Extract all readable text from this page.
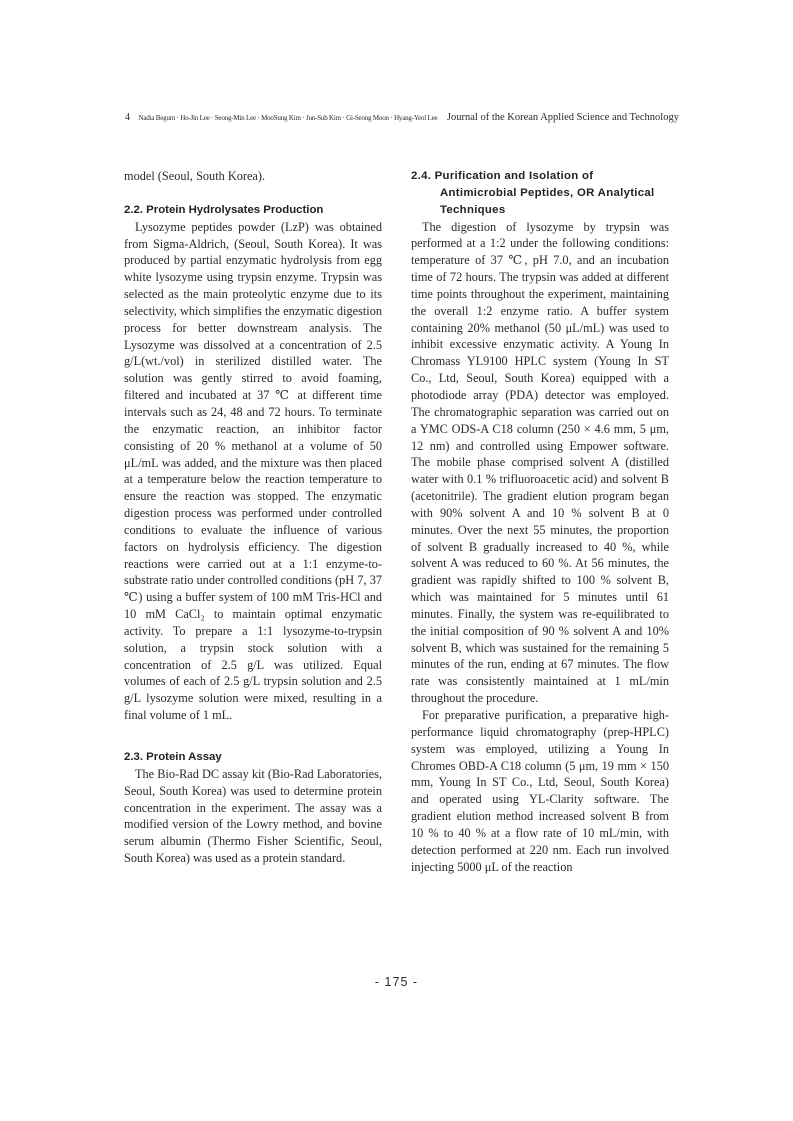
4 Nadia Begum · Ho-Jin Lee · Seong-Min Lee · MooSung Kim · Jun-Sub Kim · Gi-Seong Moon · Hyang-Yeol Lee Journal of the Korean Applied Science and Technology

model (Seoul, South Korea).

2.2. Protein Hydrolysates Production

Lysozyme peptides powder (LzP) was obtained from Sigma-Aldrich, (Seoul, South Korea). It was produced by partial enzymatic hydrolysis from egg white lysozyme using trypsin enzyme. Trypsin was selected as the main proteolytic enzyme due to its selectivity, which simplifies the enzymatic digestion process for better downstream analysis. The Lysozyme was dissolved at a concentration of 2.5 g/L(wt./vol) in sterilized distilled water. The solution was gently stirred to avoid foaming, filtered and incubated at 37 ℃ at different time intervals such as 24, 48 and 72 hours. To terminate the enzymatic reaction, an inhibitor factor consisting of 20 % methanol at a volume of 50 μL/mL was added, and the mixture was then placed at a temperature below the reaction temperature to ensure the reaction was stopped. The enzymatic digestion process was performed under controlled conditions to evaluate the influence of various factors on hydrolysis efficiency. The digestion reactions were carried out at a 1:1 enzyme-to-substrate ratio under controlled conditions (pH 7, 37 ℃) using a buffer system of 100 mM Tris-HCl and 10 mM CaCl₂ to maintain optimal enzymatic activity. To prepare a 1:1 lysozyme-to-trypsin solution, a trypsin stock solution with a concentration of 2.5 g/L was utilized. Equal volumes of each of 2.5 g/L trypsin solution and 2.5 g/L lysozyme solution were mixed, resulting in a final volume of 1 mL.

2.3. Protein Assay

The Bio-Rad DC assay kit (Bio-Rad Laboratories, Seoul, South Korea) was used to determine protein concentration in the experiment. The assay was a modified version of the Lowry method, and bovine serum albumin (Thermo Fisher Scientific, Seoul, South Korea) was used as a protein standard.

2.4. Purification and Isolation of Antimicrobial Peptides, OR Analytical Techniques

The digestion of lysozyme by trypsin was performed at a 1:2 under the following conditions: temperature of 37 ℃, pH 7.0, and an incubation time of 72 hours. The trypsin was added at different time points throughout the experiment, maintaining the overall 1:2 enzyme ratio. A buffer system containing 20% methanol (50 μL/mL) was used to inhibit excessive enzymatic activity. A Young In Chromass YL9100 HPLC system (Young In ST Co., Ltd, Seoul, South Korea) equipped with a photodiode array (PDA) detector was employed. The chromatographic separation was carried out on a YMC ODS-A C18 column (250 × 4.6 mm, 5 μm, 12 nm) and controlled using Empower software. The mobile phase comprised solvent A (distilled water with 0.1 % trifluoroacetic acid) and solvent B (acetonitrile). The gradient elution program began with 90% solvent A and 10 % solvent B at 0 minutes. Over the next 55 minutes, the proportion of solvent B gradually increased to 40 %, while solvent A was reduced to 60 %. At 56 minutes, the gradient was rapidly shifted to 100 % solvent B, which was maintained for 5 minutes until 61 minutes. Finally, the system was re-equilibrated to the initial composition of 90 % solvent A and 10% solvent B, which was sustained for the remaining 5 minutes of the run, ending at 67 minutes. The flow rate was consistently maintained at 1 mL/min throughout the procedure.

For preparative purification, a preparative high-performance liquid chromatography (prep-HPLC) system was employed, utilizing a Young In Chromes OBD-A C18 column (5 μm, 19 mm × 150 mm, Young In ST Co., Ltd, Seoul, South Korea) and operated using YL-Clarity software. The gradient elution method increased solvent B from 10 % to 40 % at a flow rate of 10 mL/min, with detection performed at 220 nm. Each run involved injecting 5000 μL of the reaction

- 175 -
